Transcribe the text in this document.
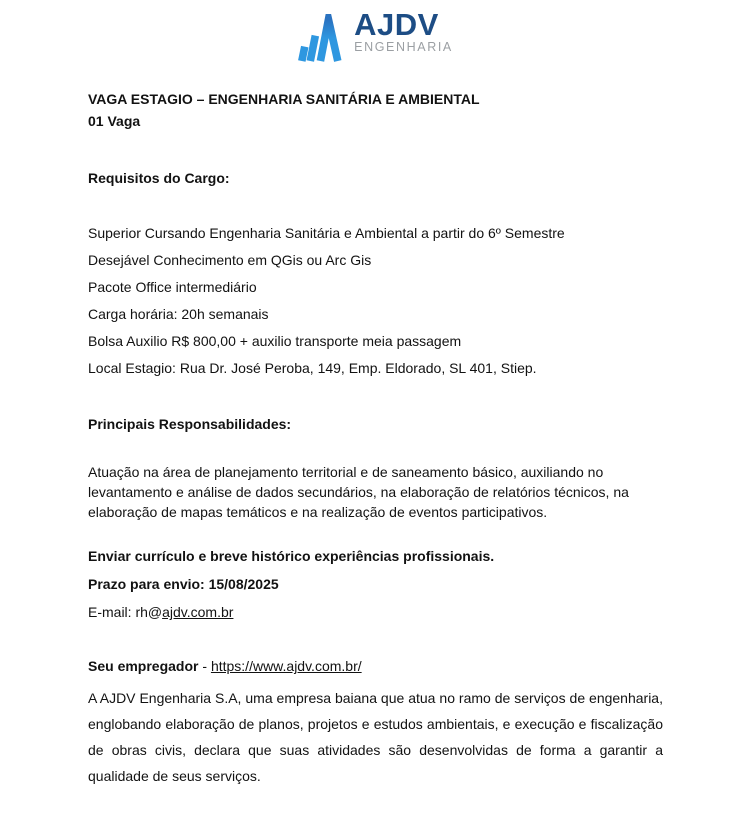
AJDV
ENGENHARIA
VAGA ESTAGIO – ENGENHARIA SANITÁRIA E AMBIENTAL

01 Vaga

Requisitos do Cargo:

Superior Cursando Engenharia Sanitária e Ambiental a partir do 6º Semestre

Desejável Conhecimento em QGis ou Arc Gis

Pacote Office intermediário

Carga horária: 20h semanais

Bolsa Auxilio R$ 800,00 + auxilio transporte meia passagem

Local Estagio: Rua Dr. José Peroba, 149, Emp. Eldorado, SL 401, Stiep.

Principais Responsabilidades:

Atuação na área de planejamento territorial e de saneamento básico, auxiliando no levantamento e análise de dados secundários, na elaboração de relatórios técnicos, na elaboração de mapas temáticos e na realização de eventos participativos.

Enviar currículo e breve histórico experiências profissionais.

Prazo para envio: 15/08/2025

E-mail: rh@ajdv.com.br

Seu empregador - https://www.ajdv.com.br/

A AJDV Engenharia S.A, uma empresa baiana que atua no ramo de serviços de engenharia, englobando elaboração de planos, projetos e estudos ambientais, e execução e fiscalização de obras civis, declara que suas atividades são desenvolvidas de forma a garantir a qualidade de seus serviços.
